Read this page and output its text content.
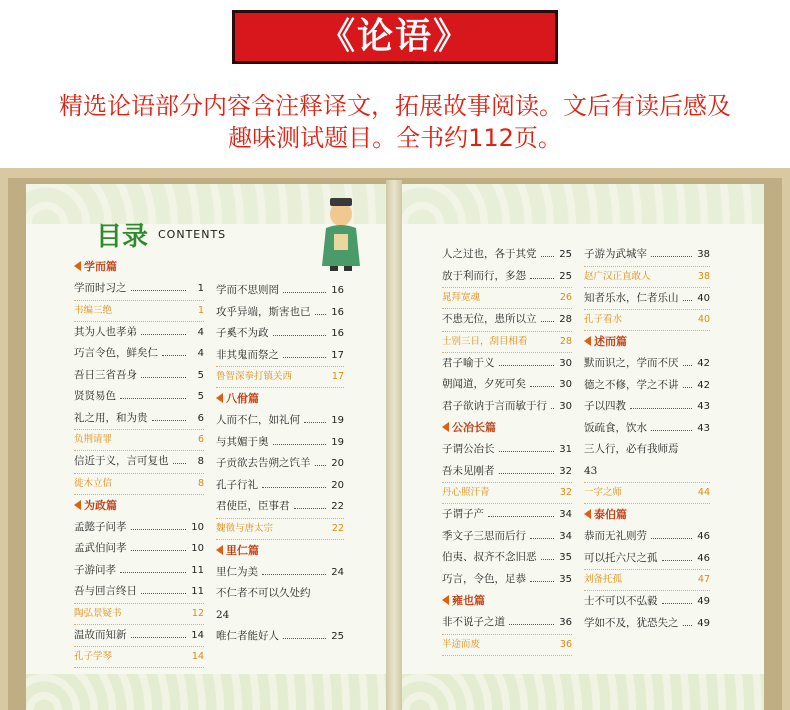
《论语》
精选论语部分内容含注释译文，拓展故事阅读。文后有读后感及
趣味测试题目。全书约112页。
目录 CONTENTS
学而篇
学而时习之	1
韦编三绝	1
其为人也孝弟	4
巧言令色，鲜矣仁	4
吾日三省吾身	5
贤贤易色	5
礼之用，和为贵	6
负荆请罪	6
信近于义，言可复也	8
徙木立信	8
为政篇
孟懿子问孝	10
孟武伯问孝	10
子游问孝	11
吾与回言终日	11
陶弘景疑书	12
温故而知新	14
孔子学琴	14
学而不思则罔	16
攻乎异端，斯害也已 16
子奚不为政	16
非其鬼而祭之	17
鲁智深拳打镇关西	17
八佾篇
人而不仁，如礼何	19
与其媚于奥	19
子贡欲去告朔之饩羊 20
孔子行礼	20
君使臣，臣事君	22
魏徵与唐太宗	22
里仁篇
里仁为美	24
不仁者不可以久处约
24
唯仁者能好人	25
人之过也，各于其党 25
放于利而行，多怨	25
晁拜宽魂	26
不患无位，患所以立 28
士别三日，刮目相看	28
君子喻于义	30
朝闻道，夕死可矣	30
君子欲讷于言而敏于行 30
公冶长篇
子谓公冶长	31
吾未见刚者	32
丹心照汗青	32
子谓子产	34
季文子三思而后行	34
伯夷、叔齐不念旧恶 35
巧言，令色，足恭	35
雍也篇
非不说子之道	36
半途而废	36
子游为武城宰	38
赵广汉正直敢人	38
知者乐水，仁者乐山 40
孔子看水	40
述而篇
默而识之，学而不厌 42
德之不修，学之不讲 42
子以四教	43
饭疏食，饮水	43
三人行，必有我师焉
43
一字之师	44
泰伯篇
恭而无礼则劳	46
可以托六尺之孤	46
刘备托孤	47
士不可以不弘毅	49
学如不及，犹恐失之 49
